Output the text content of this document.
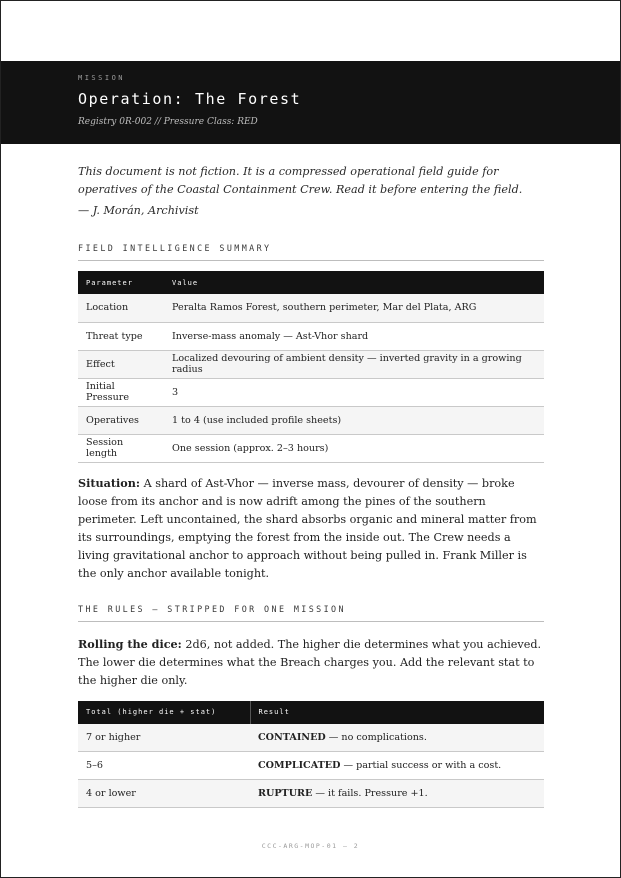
MISSION
Operation: The Forest
Registry 0R-002 // Pressure Class: RED

This document is not fiction. It is a compressed operational field guide for operatives of the Coastal Containment Crew. Read it before entering the field.

— J. Morán, Archivist

FIELD INTELLIGENCE SUMMARY
Parameter	Value
Location	Peralta Ramos Forest, southern perimeter, Mar del Plata, ARG
Threat type	Inverse-mass anomaly — Ast-Vhor shard
Effect	Localized devouring of ambient density — inverted gravity in a growing radius
Initial Pressure	3
Operatives	1 to 4 (use included profile sheets)
Session length	One session (approx. 2–3 hours)

Situation: A shard of Ast-Vhor — inverse mass, devourer of density — broke loose from its anchor and is now adrift among the pines of the southern perimeter. Left uncontained, the shard absorbs organic and mineral matter from its surroundings, emptying the forest from the inside out. The Crew needs a living gravitational anchor to approach without being pulled in. Frank Miller is the only anchor available tonight.

THE RULES — STRIPPED FOR ONE MISSION

Rolling the dice: 2d6, not added. The higher die determines what you achieved. The lower die determines what the Breach charges you. Add the relevant stat to the higher die only.

Total (higher die + stat)	Result
7 or higher	CONTAINED — no complications.
5–6	COMPLICATED — partial success or with a cost.
4 or lower	RUPTURE — it fails. Pressure +1.
CCC-ARG-MOP-01 — 2
